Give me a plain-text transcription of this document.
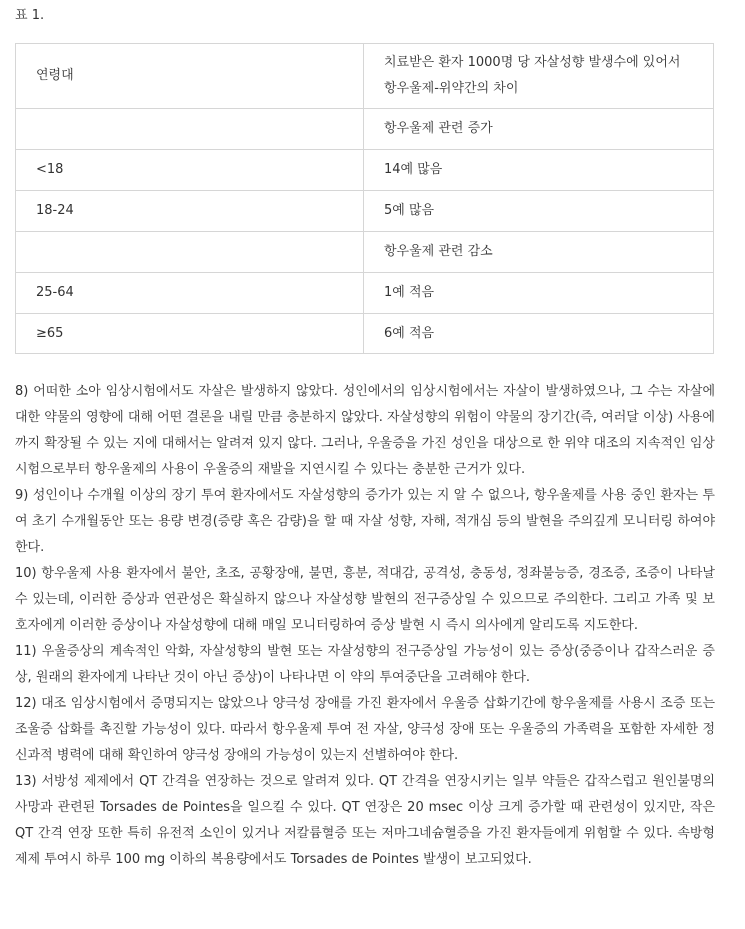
표 1.
연령대	치료받은 환자 1000명 당 자살성향 발생수에 있어서 항우울제-위약간의 차이
	항우울제 관련 증가
<18	14예 많음
18-24	5예 많음
	항우울제 관련 감소
25-64	1예 적음
≥65	6예 적음

8) 어떠한 소아 임상시험에서도 자살은 발생하지 않았다. 성인에서의 임상시험에서는 자살이 발생하였으나, 그 수는 자살에 대한 약물의 영향에 대해 어떤 결론을 내릴 만큼 충분하지 않았다. 자살성향의 위험이 약물의 장기간(즉, 여러달 이상) 사용에까지 확장될 수 있는 지에 대해서는 알려져 있지 않다. 그러나, 우울증을 가진 성인을 대상으로 한 위약 대조의 지속적인 임상시험으로부터 항우울제의 사용이 우울증의 재발을 지연시킬 수 있다는 충분한 근거가 있다.

9) 성인이나 수개월 이상의 장기 투여 환자에서도 자살성향의 증가가 있는 지 알 수 없으나, 항우울제를 사용 중인 환자는 투여 초기 수개월동안 또는 용량 변경(증량 혹은 감량)을 할 때 자살 성향, 자해, 적개심 등의 발현을 주의깊게 모니터링 하여야 한다.

10) 항우울제 사용 환자에서 불안, 초조, 공황장애, 불면, 흥분, 적대감, 공격성, 충동성, 정좌불능증, 경조증, 조증이 나타날 수 있는데, 이러한 증상과 연관성은 확실하지 않으나 자살성향 발현의 전구증상일 수 있으므로 주의한다. 그리고 가족 및 보호자에게 이러한 증상이나 자살성향에 대해 매일 모니터링하여 증상 발현 시 즉시 의사에게 알리도록 지도한다.

11) 우울증상의 계속적인 악화, 자살성향의 발현 또는 자살성향의 전구증상일 가능성이 있는 증상(중증이나 갑작스러운 증상, 원래의 환자에게 나타난 것이 아닌 증상)이 나타나면 이 약의 투여중단을 고려해야 한다.

12) 대조 임상시험에서 증명되지는 않았으나 양극성 장애를 가진 환자에서 우울증 삽화기간에 항우울제를 사용시 조증 또는 조울증 삽화를 촉진할 가능성이 있다. 따라서 항우울제 투여 전 자살, 양극성 장애 또는 우울증의 가족력을 포함한 자세한 정신과적 병력에 대해 확인하여 양극성 장애의 가능성이 있는지 선별하여야 한다.

13) 서방성 제제에서 QT 간격을 연장하는 것으로 알려져 있다. QT 간격을 연장시키는 일부 약들은 갑작스럽고 원인불명의 사망과 관련된 Torsades de Pointes을 일으킬 수 있다. QT 연장은 20 msec 이상 크게 증가할 때 관련성이 있지만, 작은 QT 간격 연장 또한 특히 유전적 소인이 있거나 저칼륨혈증 또는 저마그네슘혈증을 가진 환자들에게 위험할 수 있다. 속방형 제제 투여시 하루 100 mg 이하의 복용량에서도 Torsades de Pointes 발생이 보고되었다.
